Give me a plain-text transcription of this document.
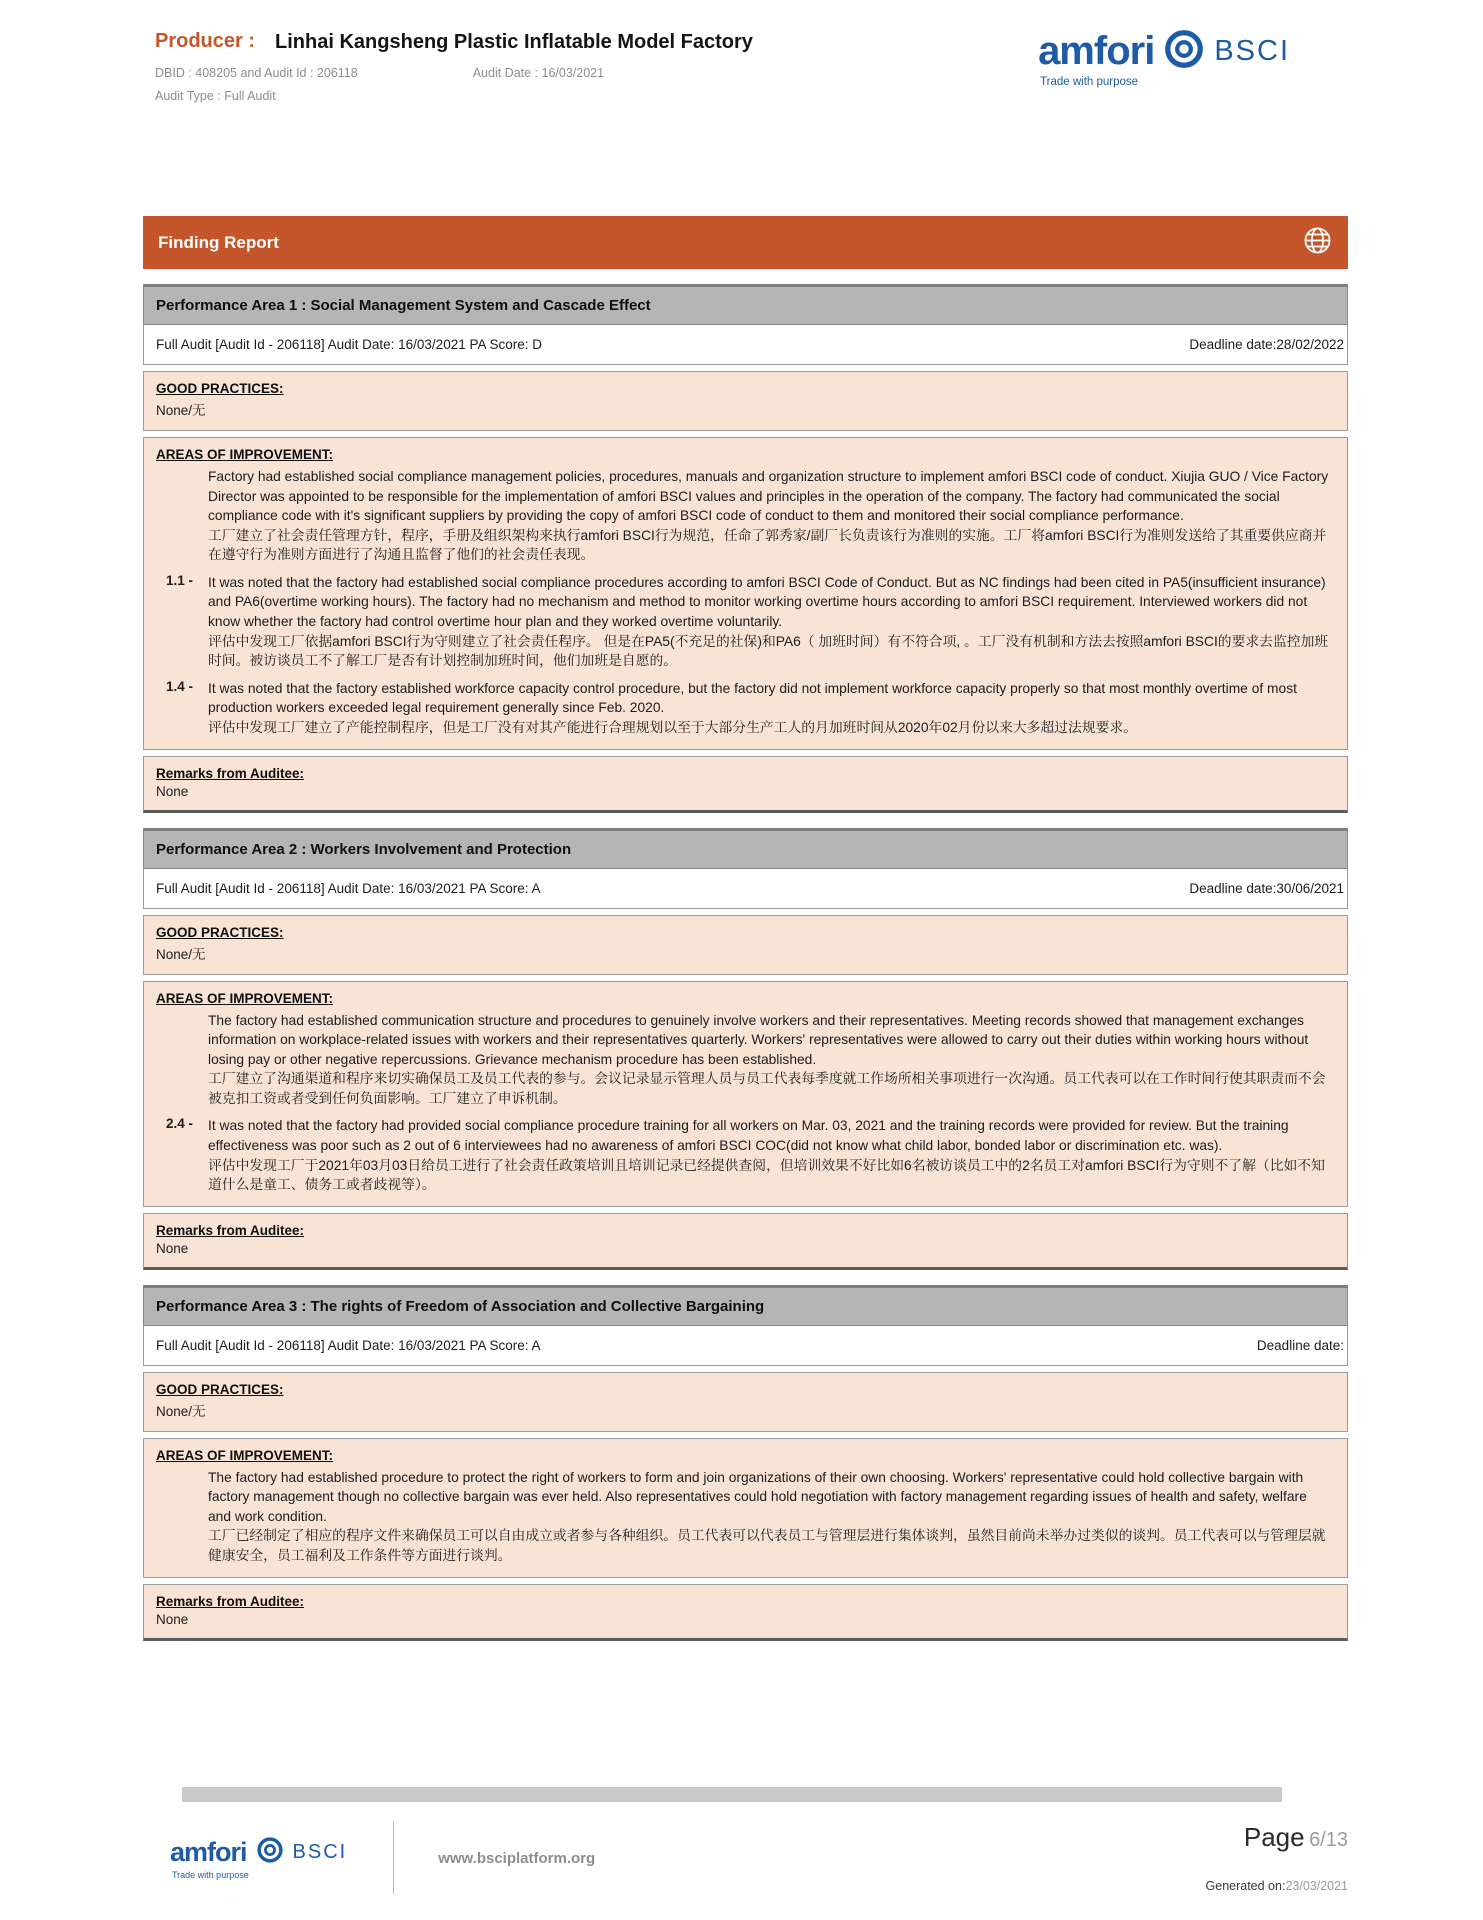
Producer : Linhai Kangsheng Plastic Inflatable Model Factory
DBID : 408205 and Audit Id : 206118	Audit Date : 16/03/2021
Audit Type : Full Audit
amfori BSCI
Trade with purpose
Finding Report
Performance Area 1 : Social Management System and Cascade Effect
Full Audit [Audit Id - 206118] Audit Date: 16/03/2021 PA Score: D	Deadline date:28/02/2022
GOOD PRACTICES:
None/无
AREAS OF IMPROVEMENT:
Factory had established social compliance management policies, procedures, manuals and organization structure to implement amfori BSCI code of conduct. Xiujia GUO / Vice Factory Director was appointed to be responsible for the implementation of amfori BSCI values and principles in the operation of the company. The factory had communicated the social compliance code with it's significant suppliers by providing the copy of amfori BSCI code of conduct to them and monitored their social compliance performance.
工厂建立了社会责任管理方针，程序，手册及组织架构来执行amfori BSCI行为规范，任命了郭秀家/副厂长负责该行为准则的实施。工厂将amfori BSCI行为准则发送给了其重要供应商并在遵守行为准则方面进行了沟通且监督了他们的社会责任表现。
1.1 -	It was noted that the factory had established social compliance procedures according to amfori BSCI Code of Conduct. But as NC findings had been cited in PA5(insufficient insurance) and PA6(overtime working hours). The factory had no mechanism and method to monitor working overtime hours according to amfori BSCI requirement. Interviewed workers did not know whether the factory had control overtime hour plan and they worked overtime voluntarily.
评估中发现工厂依据amfori BSCI行为守则建立了社会责任程序。 但是在PA5(不充足的社保)和PA6（ 加班时间）有不符合项, 。工厂没有机制和方法去按照amfori BSCI的要求去监控加班时间。被访谈员工不了解工厂是否有计划控制加班时间，他们加班是自愿的。
1.4 -	It was noted that the factory established workforce capacity control procedure, but the factory did not implement workforce capacity properly so that most monthly overtime of most production workers exceeded legal requirement generally since Feb. 2020.
评估中发现工厂建立了产能控制程序，但是工厂没有对其产能进行合理规划以至于大部分生产工人的月加班时间从2020年02月份以来大多超过法规要求。
Remarks from Auditee:
None
Performance Area 2 : Workers Involvement and Protection
Full Audit [Audit Id - 206118] Audit Date: 16/03/2021 PA Score: A	Deadline date:30/06/2021
GOOD PRACTICES:
None/无
AREAS OF IMPROVEMENT:
The factory had established communication structure and procedures to genuinely involve workers and their representatives. Meeting records showed that management exchanges information on workplace-related issues with workers and their representatives quarterly. Workers' representatives were allowed to carry out their duties within working hours without losing pay or other negative repercussions. Grievance mechanism procedure has been established.
工厂建立了沟通渠道和程序来切实确保员工及员工代表的参与。会议记录显示管理人员与员工代表每季度就工作场所相关事项进行一次沟通。员工代表可以在工作时间行使其职责而不会被克扣工资或者受到任何负面影响。工厂建立了申诉机制。
2.4 -	It was noted that the factory had provided social compliance procedure training for all workers on Mar. 03, 2021 and the training records were provided for review. But the training effectiveness was poor such as 2 out of 6 interviewees had no awareness of amfori BSCI COC(did not know what child labor, bonded labor or discrimination etc. was).
评估中发现工厂于2021年03月03日给员工进行了社会责任政策培训且培训记录已经提供查阅，但培训效果不好比如6名被访谈员工中的2名员工对amfori BSCI行为守则不了解（比如不知道什么是童工、债务工或者歧视等）。
Remarks from Auditee:
None
Performance Area 3 : The rights of Freedom of Association and Collective Bargaining
Full Audit [Audit Id - 206118] Audit Date: 16/03/2021 PA Score: A	Deadline date:
GOOD PRACTICES:
None/无
AREAS OF IMPROVEMENT:
The factory had established procedure to protect the right of workers to form and join organizations of their own choosing. Workers' representative could hold collective bargain with factory management though no collective bargain was ever held. Also representatives could hold negotiation with factory management regarding issues of health and safety, welfare and work condition.
工厂已经制定了相应的程序文件来确保员工可以自由成立或者参与各种组织。员工代表可以代表员工与管理层进行集体谈判，虽然目前尚未举办过类似的谈判。员工代表可以与管理层就健康安全，员工福利及工作条件等方面进行谈判。
Remarks from Auditee:
None
amfori BSCI
Trade with purpose
www.bsciplatform.org
Page 6/13
Generated on:23/03/2021
